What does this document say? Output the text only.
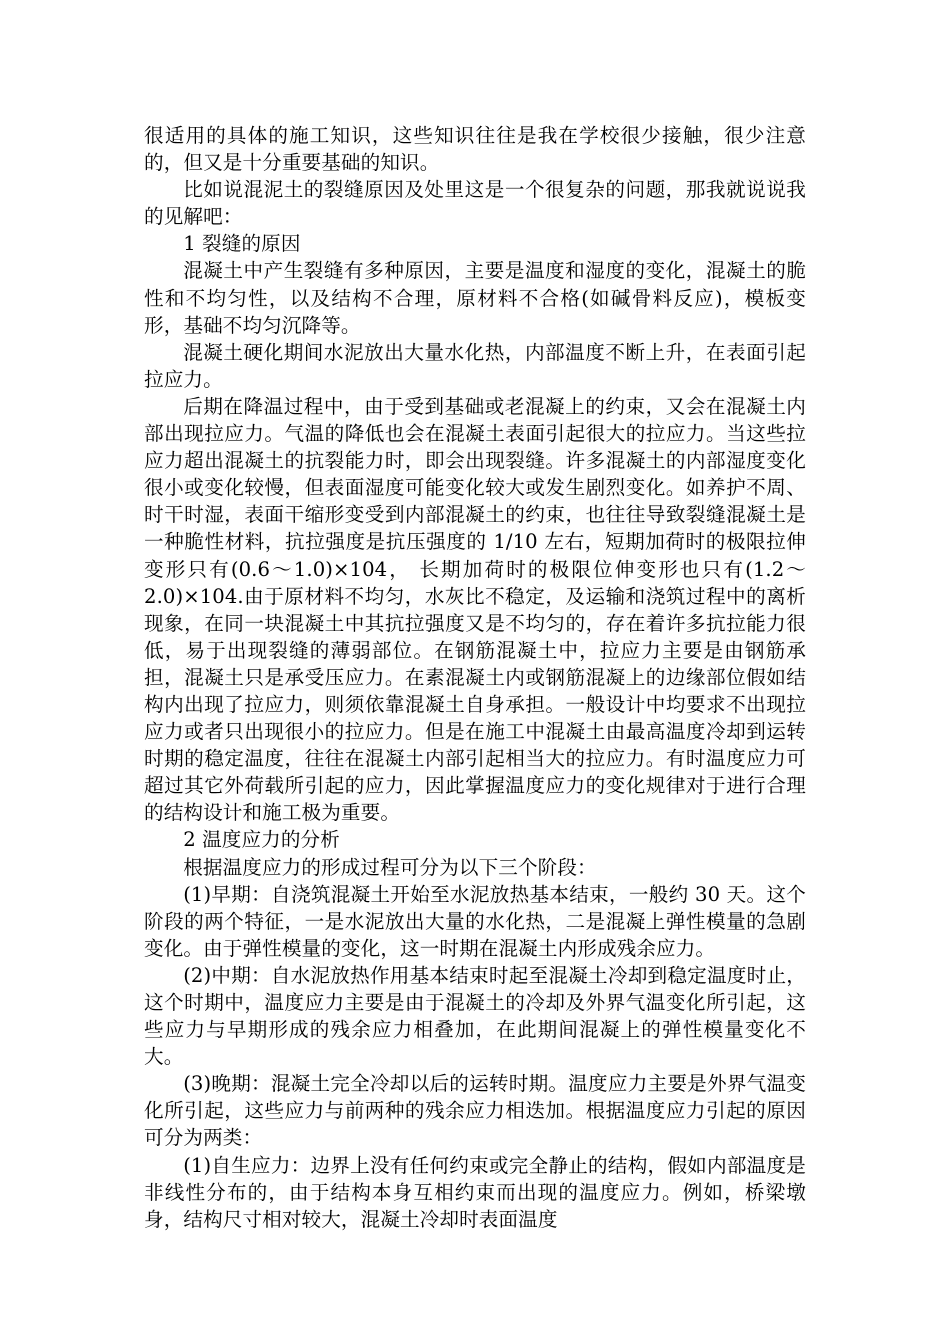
很适用的具体的施工知识，这些知识往往是我在学校很少接触，很少注意的，但又是十分重要基础的知识。

比如说混泥土的裂缝原因及处里这是一个很复杂的问题，那我就说说我的见解吧：

1 裂缝的原因

混凝土中产生裂缝有多种原因，主要是温度和湿度的变化，混凝土的脆性和不均匀性，以及结构不合理，原材料不合格(如碱骨料反应)，模板变形，基础不均匀沉降等。

混凝土硬化期间水泥放出大量水化热，内部温度不断上升，在表面引起拉应力。

后期在降温过程中，由于受到基础或老混凝上的约束，又会在混凝土内部出现拉应力。气温的降低也会在混凝土表面引起很大的拉应力。当这些拉应力超出混凝土的抗裂能力时，即会出现裂缝。许多混凝土的内部湿度变化很小或变化较慢，但表面湿度可能变化较大或发生剧烈变化。如养护不周、时干时湿，表面干缩形变受到内部混凝土的约束，也往往导致裂缝混凝土是一种脆性材料，抗拉强度是抗压强度的 1/10 左右，短期加荷时的极限拉伸变形只有(0.6～1.0)×104， 长期加荷时的极限位伸变形也只有(1.2～2.0)×104.由于原材料不均匀，水灰比不稳定，及运输和浇筑过程中的离析现象，在同一块混凝土中其抗拉强度又是不均匀的，存在着许多抗拉能力很低，易于出现裂缝的薄弱部位。在钢筋混凝土中，拉应力主要是由钢筋承担，混凝土只是承受压应力。在素混凝土内或钢筋混凝上的边缘部位假如结构内出现了拉应力，则须依靠混凝土自身承担。一般设计中均要求不出现拉应力或者只出现很小的拉应力。但是在施工中混凝土由最高温度冷却到运转时期的稳定温度，往往在混凝土内部引起相当大的拉应力。有时温度应力可超过其它外荷载所引起的应力，因此掌握温度应力的变化规律对于进行合理的结构设计和施工极为重要。

2 温度应力的分析

根据温度应力的形成过程可分为以下三个阶段：

(1)早期：自浇筑混凝土开始至水泥放热基本结束，一般约 30 天。这个阶段的两个特征，一是水泥放出大量的水化热，二是混凝上弹性模量的急剧变化。由于弹性模量的变化，这一时期在混凝土内形成残余应力。

(2)中期：自水泥放热作用基本结束时起至混凝土冷却到稳定温度时止，这个时期中，温度应力主要是由于混凝土的冷却及外界气温变化所引起，这些应力与早期形成的残余应力相叠加，在此期间混凝上的弹性模量变化不大。

(3)晚期：混凝土完全冷却以后的运转时期。温度应力主要是外界气温变化所引起，这些应力与前两种的残余应力相迭加。根据温度应力引起的原因可分为两类：

(1)自生应力：边界上没有任何约束或完全静止的结构，假如内部温度是非线性分布的，由于结构本身互相约束而出现的温度应力。例如，桥梁墩身，结构尺寸相对较大，混凝土冷却时表面温度
